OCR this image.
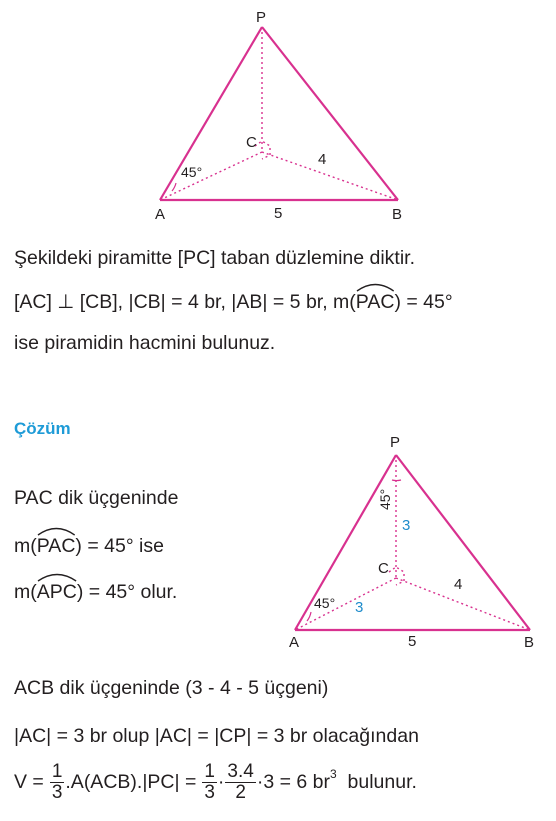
P
C
A	B
4
5
45°
Şekildeki piramitte [PC] taban düzlemine diktir.
[AC] ⊥ [CB], |CB| = 4 br, |AB| = 5 br, m(
PAC) = 45°
ise piramidin hacmini bulunuz.
Çözüm
P
C
A	B
4
5
3
3
45°
45°
PAC dik üçgeninde
m(
PAC) = 45° ise
m(
APC) = 45° olur.
ACB dik üçgeninde (3 - 4 - 5 üçgeni)
|AC| = 3 br olup |AC| = |CP| = 3 br olacağından
$V = \frac{1}{3} .A(ACB).|PC| = \frac{1}{3} \cdot \frac{3.4}{2} \cdot 3 = 6$ $br^3$ bulunur.
